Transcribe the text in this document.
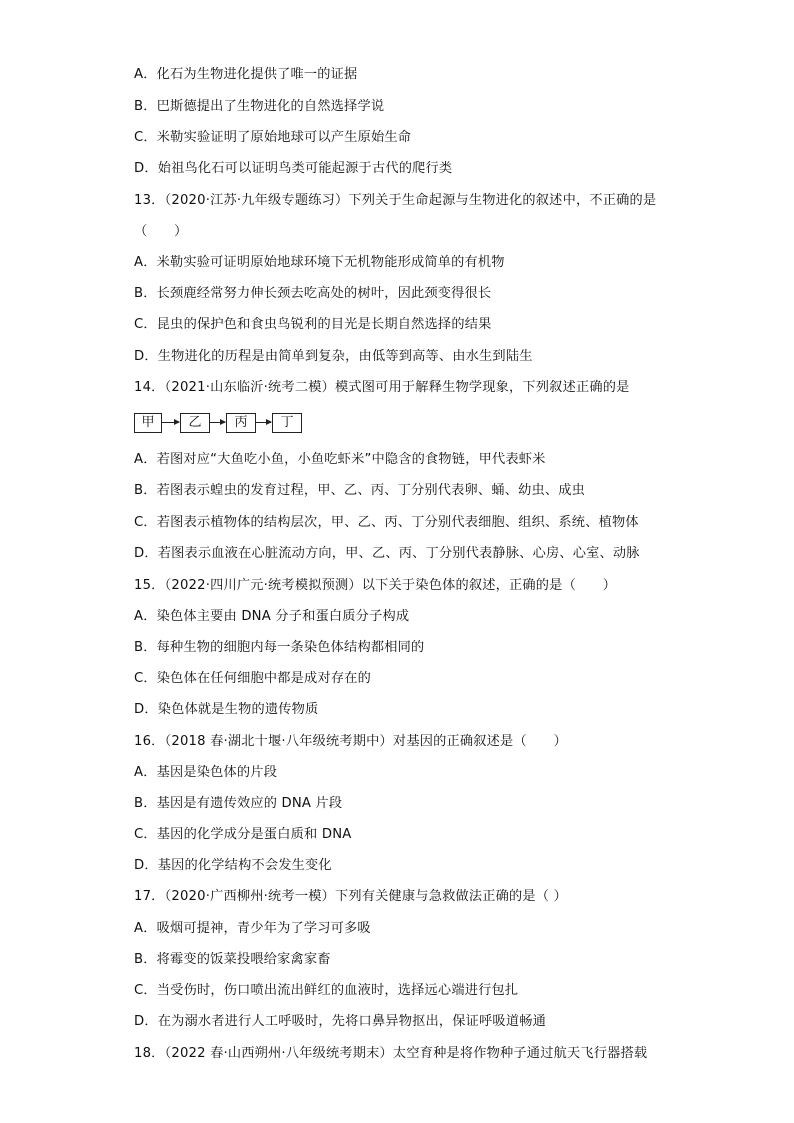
A．化石为生物进化提供了唯一的证据
B．巴斯德提出了生物进化的自然选择学说
C．米勒实验证明了原始地球可以产生原始生命
D．始祖鸟化石可以证明鸟类可能起源于古代的爬行类
13．（2020·江苏·九年级专题练习）下列关于生命起源与生物进化的叙述中，不正确的是
（　　）
A．米勒实验可证明原始地球环境下无机物能形成简单的有机物
B．长颈鹿经常努力伸长颈去吃高处的树叶，因此颈变得很长
C．昆虫的保护色和食虫鸟锐利的目光是长期自然选择的结果
D．生物进化的历程是由简单到复杂，由低等到高等、由水生到陆生
14．（2021·山东临沂·统考二模）模式图可用于解释生物学现象，下列叙述正确的是
甲	乙	丙	丁
A．若图对应“大鱼吃小鱼，小鱼吃虾米”中隐含的食物链，甲代表虾米
B．若图表示蝗虫的发育过程，甲、乙、丙、丁分别代表卵、蛹、幼虫、成虫
C．若图表示植物体的结构层次，甲、乙、丙、丁分别代表细胞、组织、系统、植物体
D．若图表示血液在心脏流动方向，甲、乙、丙、丁分别代表静脉、心房、心室、动脉
15．（2022·四川广元·统考模拟预测）以下关于染色体的叙述，正确的是（　　）
A．染色体主要由 DNA 分子和蛋白质分子构成
B．每种生物的细胞内每一条染色体结构都相同的
C．染色体在任何细胞中都是成对存在的
D．染色体就是生物的遗传物质
16．（2018 春·湖北十堰·八年级统考期中）对基因的正确叙述是（　　）
A．基因是染色体的片段
B．基因是有遗传效应的 DNA 片段
C．基因的化学成分是蛋白质和 DNA
D．基因的化学结构不会发生变化
17．（2020·广西柳州·统考一模）下列有关健康与急救做法正确的是（ ）
A．吸烟可提神，青少年为了学习可多吸
B．将霉变的饭菜投喂给家禽家畜
C．当受伤时，伤口喷出流出鲜红的血液时，选择远心端进行包扎
D．在为溺水者进行人工呼吸时，先将口鼻异物抠出，保证呼吸道畅通
18．（2022 春·山西朔州·八年级统考期末）太空育种是将作物种子通过航天飞行器搭载
